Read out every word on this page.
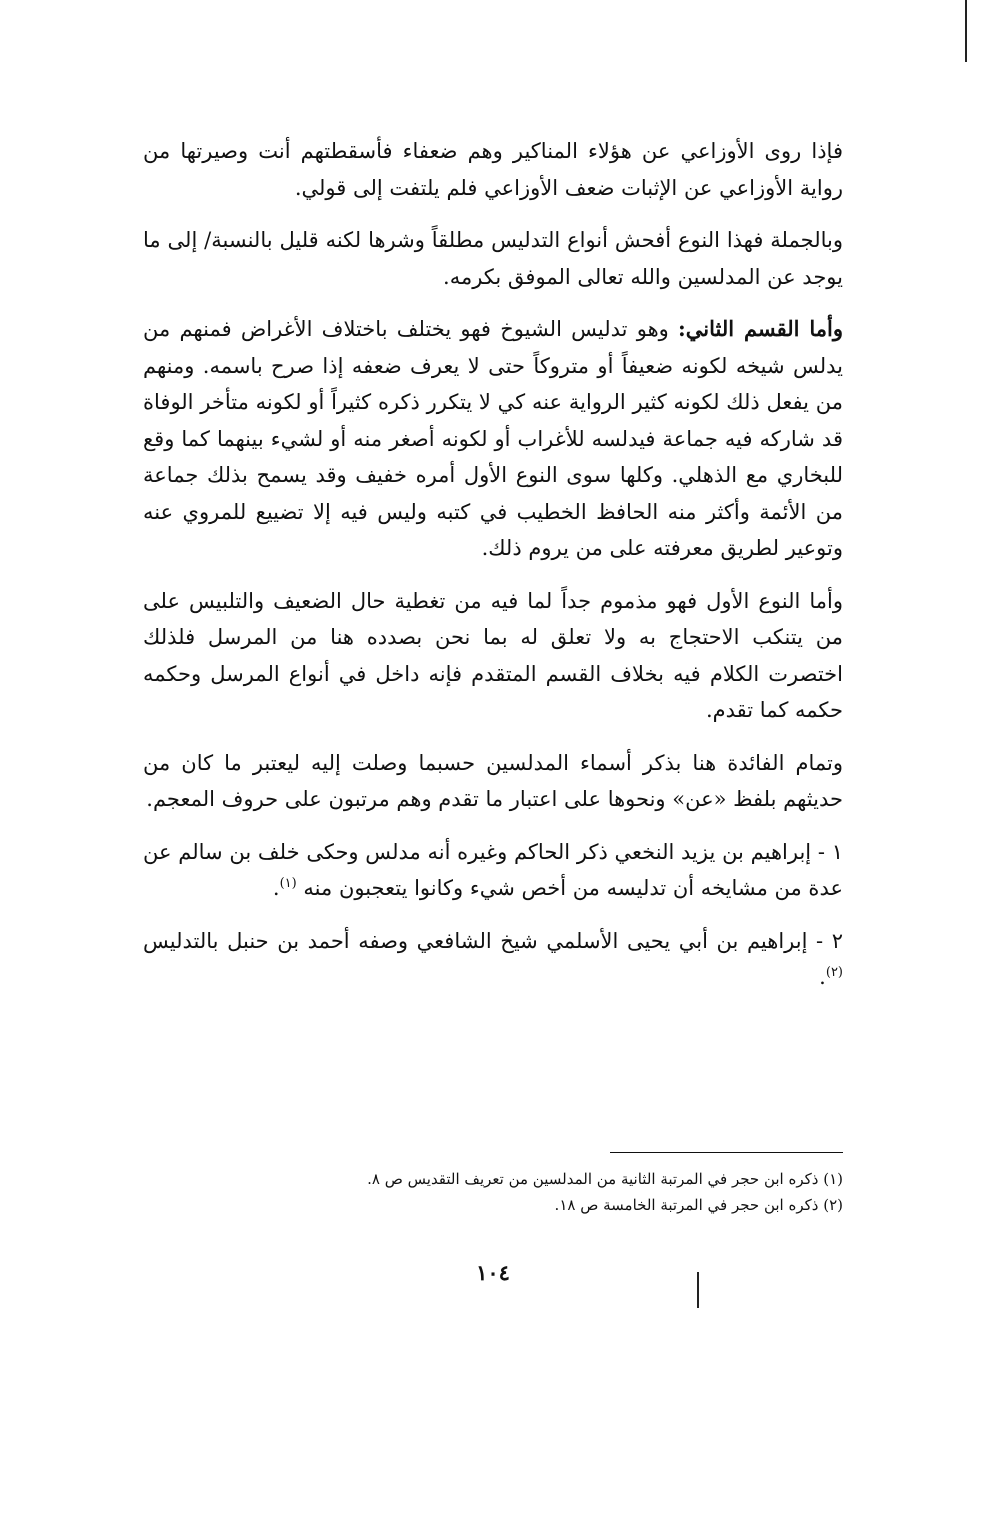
فإذا روى الأوزاعي عن هؤلاء المناكير وهم ضعفاء فأسقطتهم أنت وصيرتها من رواية الأوزاعي عن الإثبات ضعف الأوزاعي فلم يلتفت إلى قولي.

وبالجملة فهذا النوع أفحش أنواع التدليس مطلقاً وشرها لكنه قليل بالنسبة/ إلى ما يوجد عن المدلسين والله تعالى الموفق بكرمه.

وأما القسم الثاني: وهو تدليس الشيوخ فهو يختلف باختلاف الأغراض فمنهم من يدلس شيخه لكونه ضعيفاً أو متروكاً حتى لا يعرف ضعفه إذا صرح باسمه. ومنهم من يفعل ذلك لكونه كثير الرواية عنه كي لا يتكرر ذكره كثيراً أو لكونه متأخر الوفاة قد شاركه فيه جماعة فيدلسه للأغراب أو لكونه أصغر منه أو لشيء بينهما كما وقع للبخاري مع الذهلي. وكلها سوى النوع الأول أمره خفيف وقد يسمح بذلك جماعة من الأئمة وأكثر منه الحافظ الخطيب في كتبه وليس فيه إلا تضييع للمروي عنه وتوعير لطريق معرفته على من يروم ذلك.

وأما النوع الأول فهو مذموم جداً لما فيه من تغطية حال الضعيف والتلبيس على من يتنكب الاحتجاج به ولا تعلق له بما نحن بصدده هنا من المرسل فلذلك اختصرت الكلام فيه بخلاف القسم المتقدم فإنه داخل في أنواع المرسل وحكمه حكمه كما تقدم.

وتمام الفائدة هنا بذكر أسماء المدلسين حسبما وصلت إليه ليعتبر ما كان من حديثهم بلفظ «عن» ونحوها على اعتبار ما تقدم وهم مرتبون على حروف المعجم.

١ - إبراهيم بن يزيد النخعي ذكر الحاكم وغيره أنه مدلس وحكى خلف بن سالم عن عدة من مشايخه أن تدليسه من أخص شيء وكانوا يتعجبون منه $^{(١)}$.

٢ - إبراهيم بن أبي يحيى الأسلمي شيخ الشافعي وصفه أحمد بن حنبل بالتدليس $^{(٢)}$.

(١) ذكره ابن حجر في المرتبة الثانية من المدلسين من تعريف التقديس ص ٨.

(٢) ذكره ابن حجر في المرتبة الخامسة ص ١٨.

١٠٤
